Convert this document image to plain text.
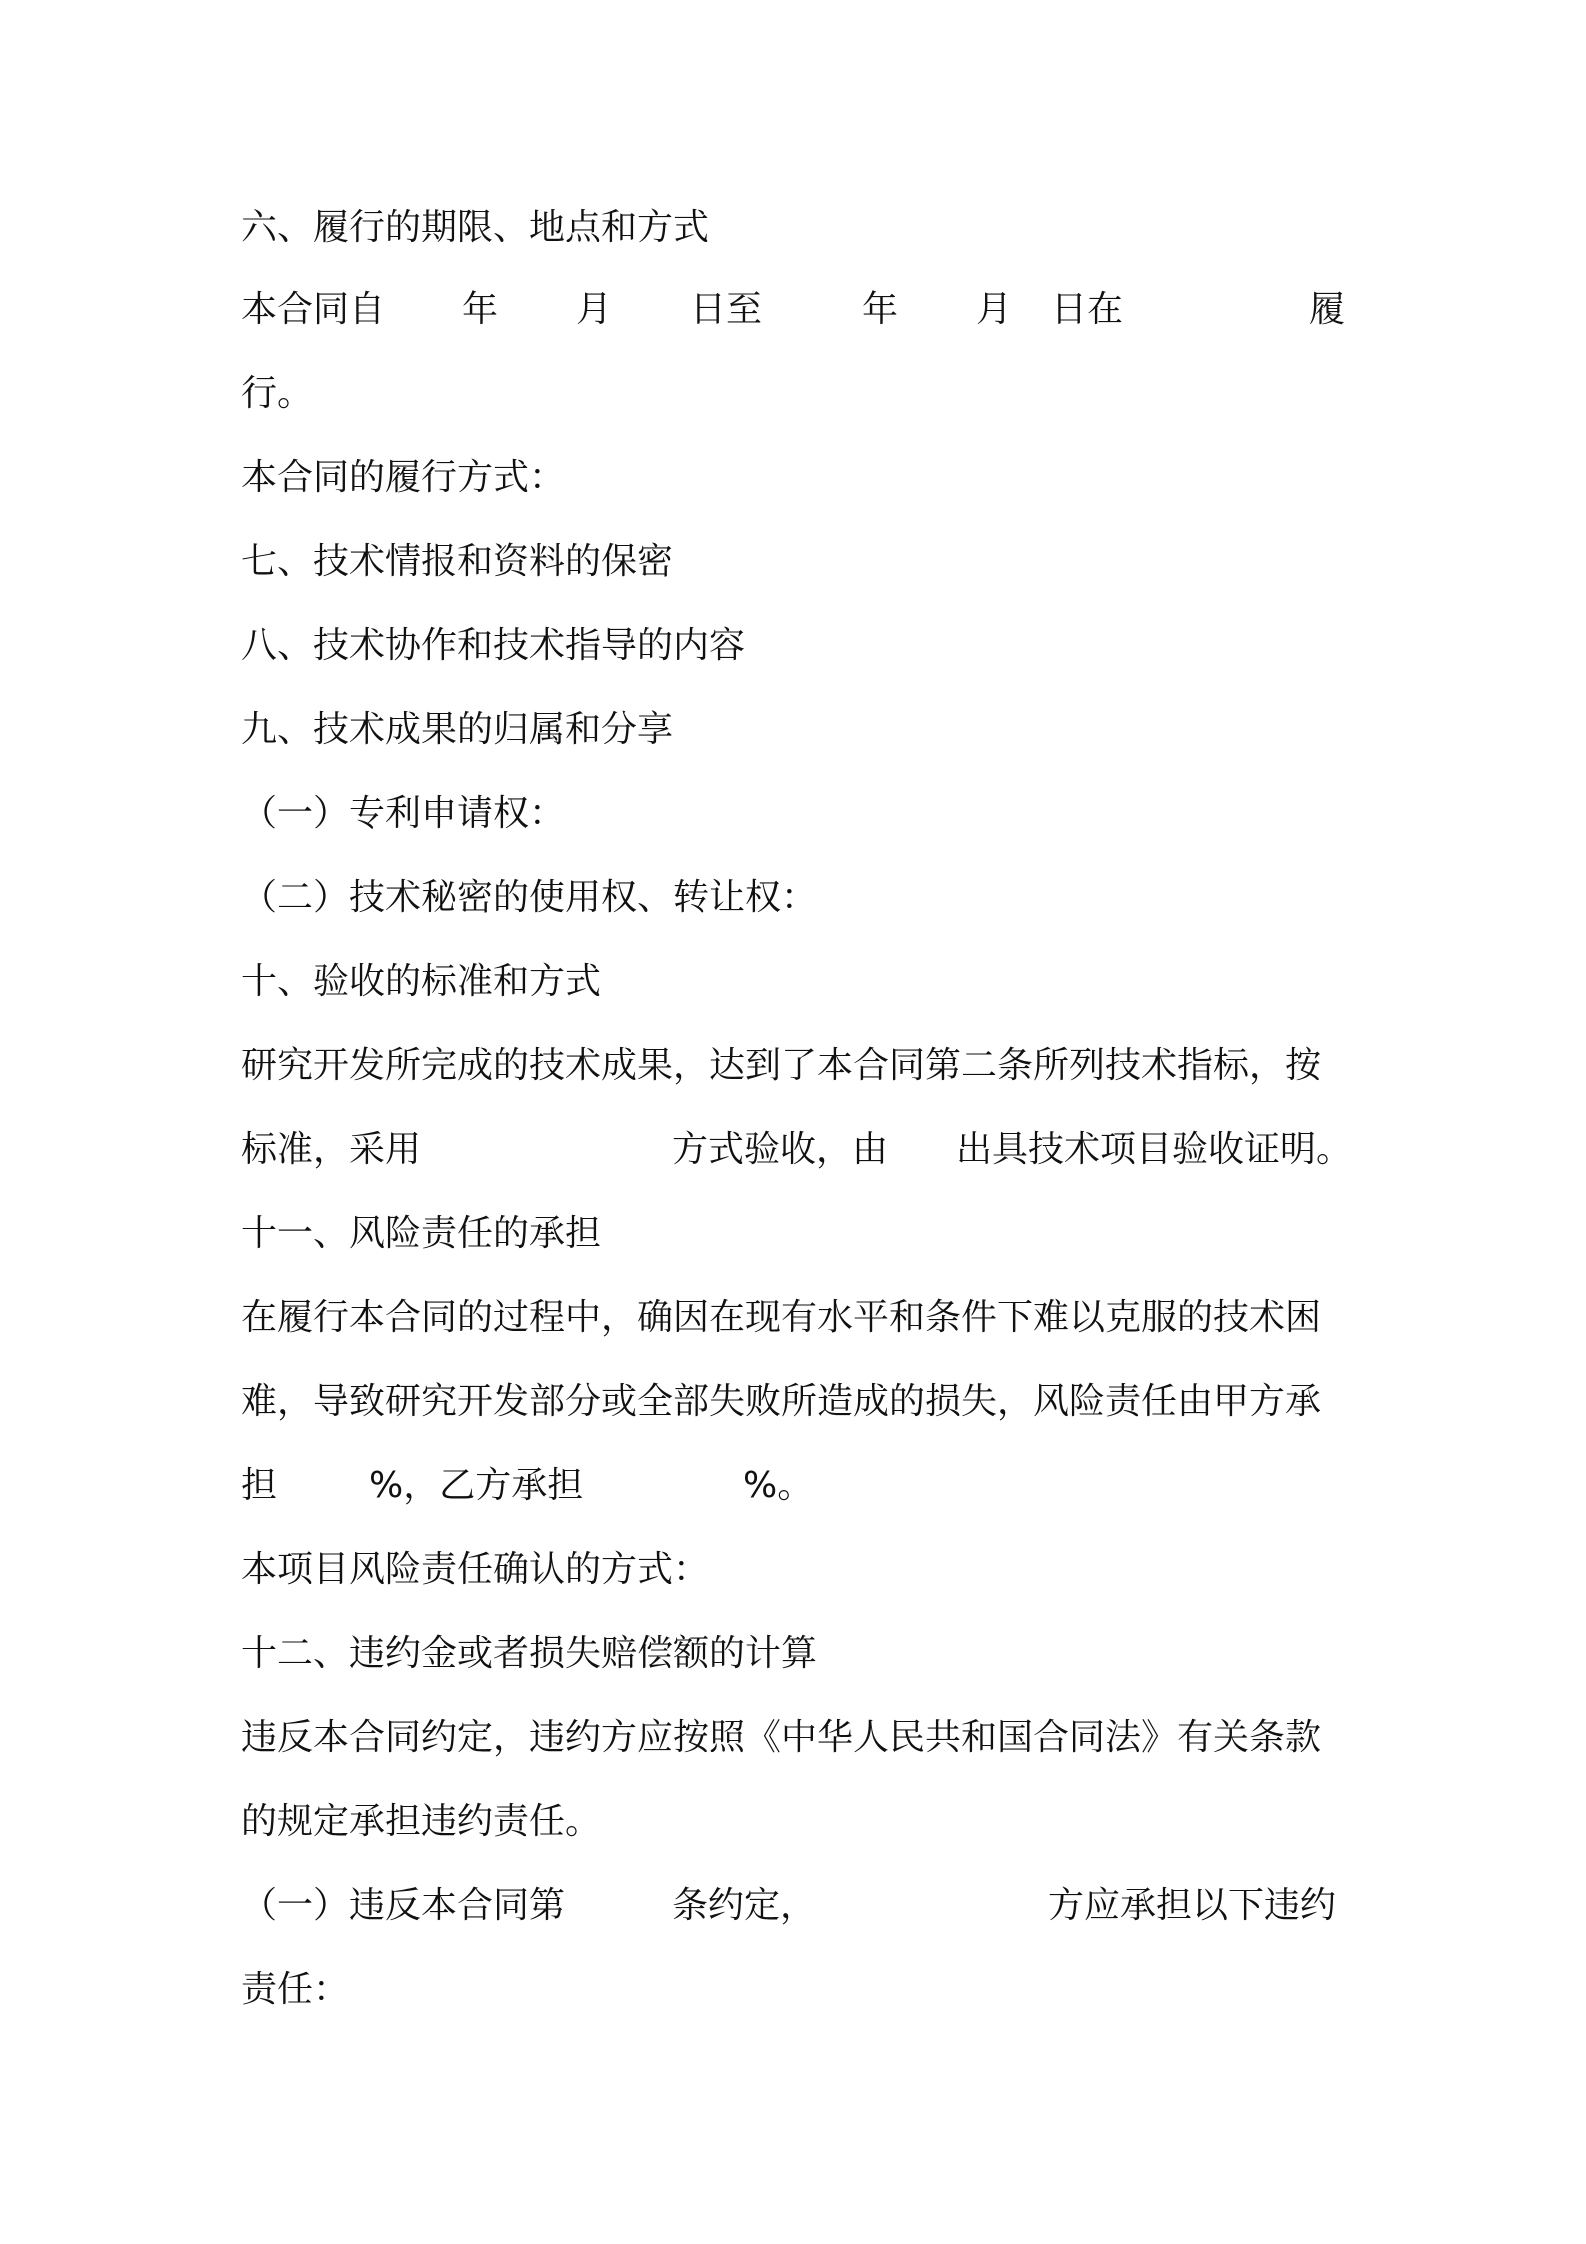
六、履行的期限、地点和方式

本合同自

年

月

日至

	年

月

日在

	履

行。
本合同的履行方式：
七、技术情报和资料的保密
八、技术协作和技术指导的内容
九、技术成果的归属和分享
（一）专利申请权：
（二）技术秘密的使用权、转让权：
十、验收的标准和方式
研究开发所完成的技术成果，达到了本合同第二条所列技术指标，按

标准，采用

	方式验收，由

出具技术项目验收证明。

十一、风险责任的承担
在履行本合同的过程中，确因在现有水平和条件下难以克服的技术困
难，导致研究开发部分或全部失败所造成的损失，风险责任由甲方承

担

	%，乙方承担

	%。

本项目风险责任确认的方式：
十二、违约金或者损失赔偿额的计算
违反本合同约定，违约方应按照《中华人民共和国合同法》有关条款
的规定承担违约责任。

（一）违反本合同第

	条约定，

	方应承担以下违约

责任：
